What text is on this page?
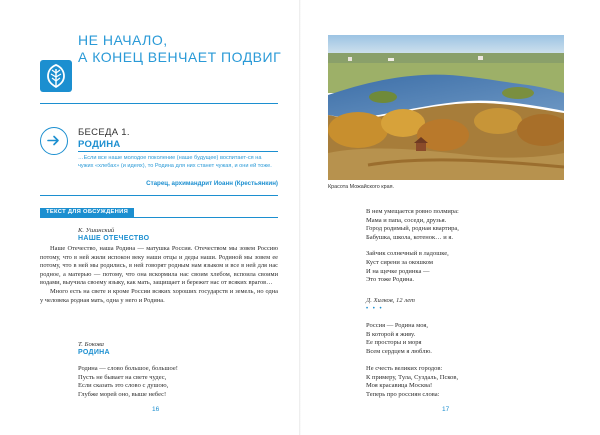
НЕ НАЧАЛО,
А КОНЕЦ ВЕНЧАЕТ ПОДВИГ
БЕСЕДА 1.
РОДИНА
…Если все наше молодое поколение (наше будущее) воспитает-ся на чужих «хлебах» (и идеях), то Родина для них станет чужая, и они ей тоже.
Старец, архимандрит Иоанн (Крестьянкин)
ТЕКСТ ДЛЯ ОБСУЖДЕНИЯ
К. Ушинский
НАШЕ ОТЕЧЕСТВО

Наше Отечество, наша Родина — матушка Россия. Отечеством мы зовем Россию потому, что в ней жили испокон веку наши отцы и деды наши. Родиной мы зовем ее потому, что в ней мы родились, в ней говорят родным нам языком и все в ней для нас родное, а матерью — потому, что она вскормила нас своим хлебом, вспоила своими водами, выучила своему языку, как мать, защищает и бережет нас от всяких врагов…

Много есть на свете и кроме России всяких хороших государств и земель, но одна у человека родная мать, одна у него и Родина.

Т. Бокова
РОДИНА
Родина — слово большое, большое!
Пусть не бывает на свете чудес,
Если сказать это слово с душою,
Глубже морей оно, выше небес!
16
Красота Можайского края.
В нем умещается ровно полмира:
Мама и папа, соседи, друзья.
Город родимый, родная квартира,
Бабушка, школа, котенок… и я.
Зайчик солнечный в ладошке,
Куст сирени за окошком
И на щечке родинка —
Это тоже Родина.
Д. Хилков, 12 лет
• • •
Россия — Родина моя,
В которой я живу.
Ее просторы и моря
Всем сердцем я люблю.
Не счесть великих городов:
К примеру, Тула, Суздаль, Псков,
Моя красавица Москва!
Теперь про россиян слова:
17
